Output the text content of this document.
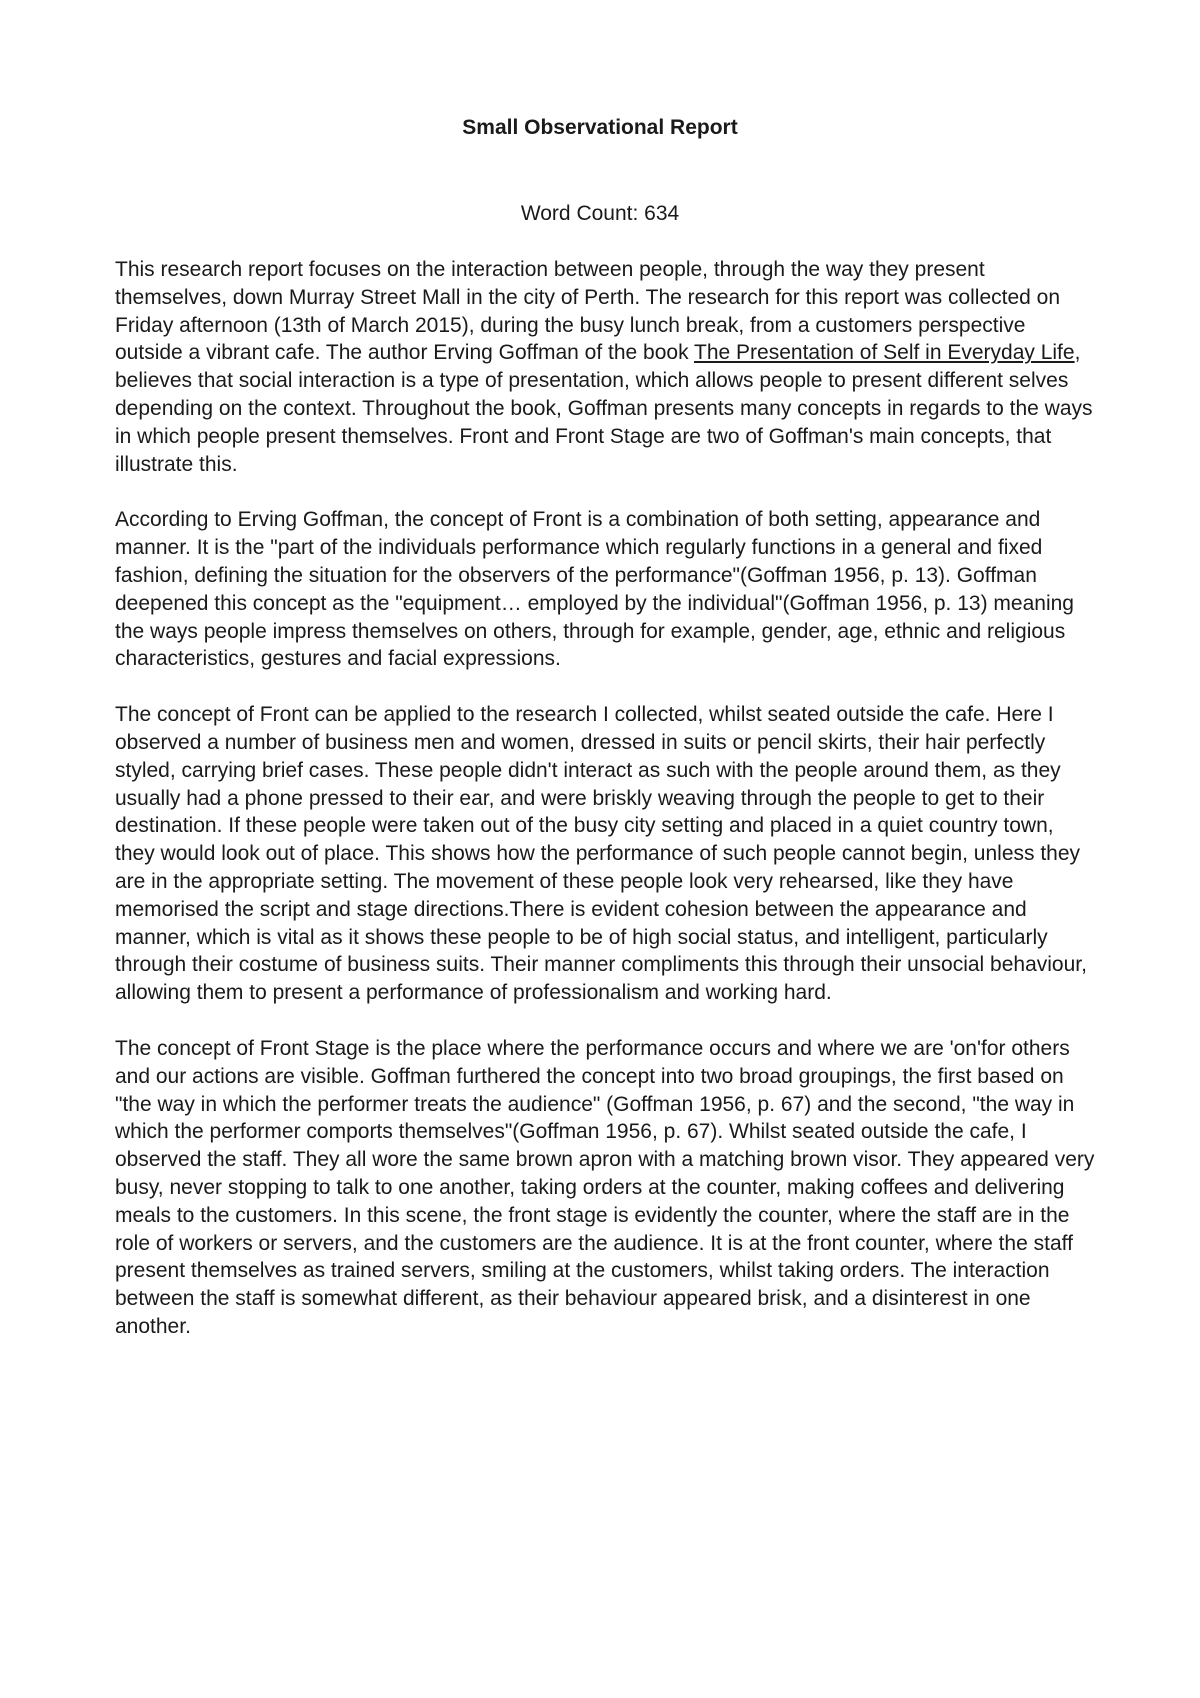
Small Observational Report

Word Count: 634

This research report focuses on the interaction between people, through the way they present themselves, down Murray Street Mall in the city of Perth. The research for this report was collected on Friday afternoon (13th of March 2015), during the busy lunch break, from a customers perspective outside a vibrant cafe. The author Erving Goffman of the book The Presentation of Self in Everyday Life, believes that social interaction is a type of presentation, which allows people to present different selves depending on the context. Throughout the book, Goffman presents many concepts in regards to the ways in which people present themselves. Front and Front Stage are two of Goffman's main concepts, that illustrate this.

According to Erving Goffman, the concept of Front is a combination of both setting, appearance and manner. It is the "part of the individuals performance which regularly functions in a general and fixed fashion, defining the situation for the observers of the performance"(Goffman 1956, p. 13). Goffman deepened this concept as the "equipment… employed by the individual"(Goffman 1956, p. 13) meaning the ways people impress themselves on others, through for example, gender, age, ethnic and religious characteristics, gestures and facial expressions.

The concept of Front can be applied to the research I collected, whilst seated outside the cafe. Here I observed a number of business men and women, dressed in suits or pencil skirts, their hair perfectly styled, carrying brief cases. These people didn't interact as such with the people around them, as they usually had a phone pressed to their ear, and were briskly weaving through the people to get to their destination. If these people were taken out of the busy city setting and placed in a quiet country town, they would look out of place. This shows how the performance of such people cannot begin, unless they are in the appropriate setting. The movement of these people look very rehearsed, like they have memorised the script and stage directions.There is evident cohesion between the appearance and manner, which is vital as it shows these people to be of high social status, and intelligent, particularly through their costume of business suits. Their manner compliments this through their unsocial behaviour, allowing them to present a performance of professionalism and working hard.

The concept of Front Stage is the place where the performance occurs and where we are 'on'for others and our actions are visible. Goffman furthered the concept into two broad groupings, the first based on "the way in which the performer treats the audience" (Goffman 1956, p. 67) and the second, "the way in which the performer comports themselves"(Goffman 1956, p. 67). Whilst seated outside the cafe, I observed the staff. They all wore the same brown apron with a matching brown visor. They appeared very busy, never stopping to talk to one another, taking orders at the counter, making coffees and delivering meals to the customers. In this scene, the front stage is evidently the counter, where the staff are in the role of workers or servers, and the customers are the audience. It is at the front counter, where the staff present themselves as trained servers, smiling at the customers, whilst taking orders. The interaction between the staff is somewhat different, as their behaviour appeared brisk, and a disinterest in one another.
